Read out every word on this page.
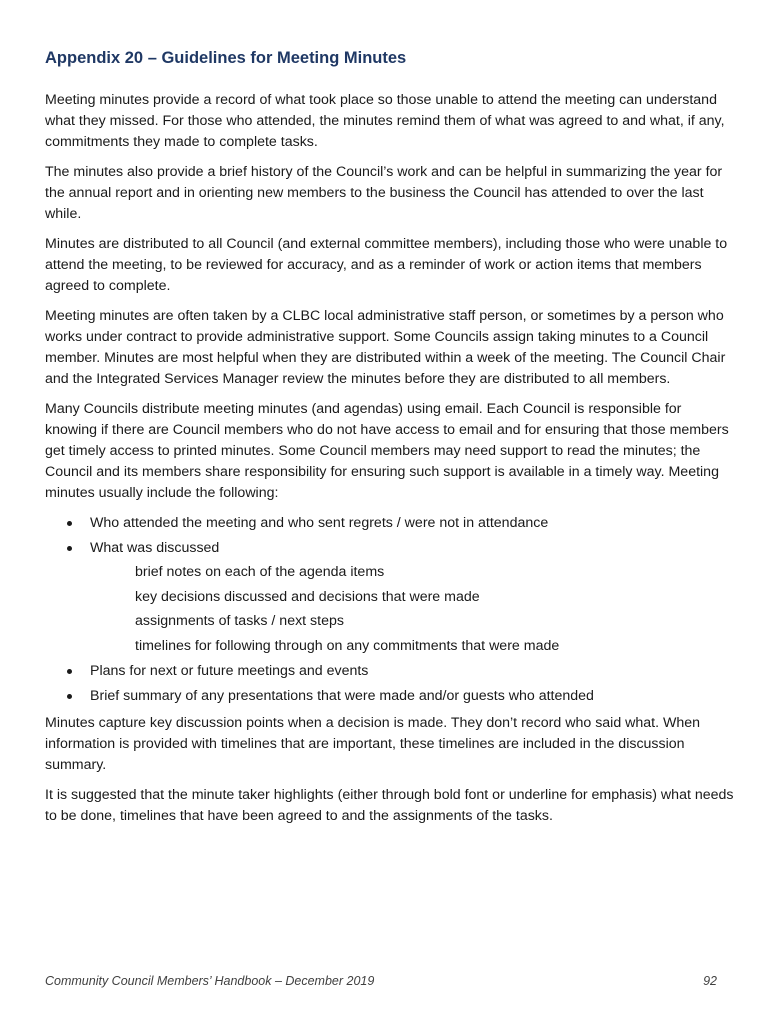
Appendix 20 – Guidelines for Meeting Minutes

Meeting minutes provide a record of what took place so those unable to attend the meeting can understand what they missed. For those who attended, the minutes remind them of what was agreed to and what, if any, commitments they made to complete tasks.

The minutes also provide a brief history of the Council’s work and can be helpful in summarizing the year for the annual report and in orienting new members to the business the Council has attended to over the last while.

Minutes are distributed to all Council (and external committee members), including those who were unable to attend the meeting, to be reviewed for accuracy, and as a reminder of work or action items that members agreed to complete.

Meeting minutes are often taken by a CLBC local administrative staff person, or sometimes by a person who works under contract to provide administrative support. Some Councils assign taking minutes to a Council member. Minutes are most helpful when they are distributed within a week of the meeting. The Council Chair and the Integrated Services Manager review the minutes before they are distributed to all members.

Many Councils distribute meeting minutes (and agendas) using email. Each Council is responsible for knowing if there are Council members who do not have access to email and for ensuring that those members get timely access to printed minutes. Some Council members may need support to read the minutes; the Council and its members share responsibility for ensuring such support is available in a timely way. Meeting minutes usually include the following:

Who attended the meeting and who sent regrets / were not in attendance
What was discussed
brief notes on each of the agenda items
key decisions discussed and decisions that were made
assignments of tasks / next steps
timelines for following through on any commitments that were made
Plans for next or future meetings and events
Brief summary of any presentations that were made and/or guests who attended

Minutes capture key discussion points when a decision is made. They don’t record who said what. When information is provided with timelines that are important, these timelines are included in the discussion summary.

It is suggested that the minute taker highlights (either through bold font or underline for emphasis) what needs to be done, timelines that have been agreed to and the assignments of the tasks.

Community Council Members’ Handbook – December 2019	92
